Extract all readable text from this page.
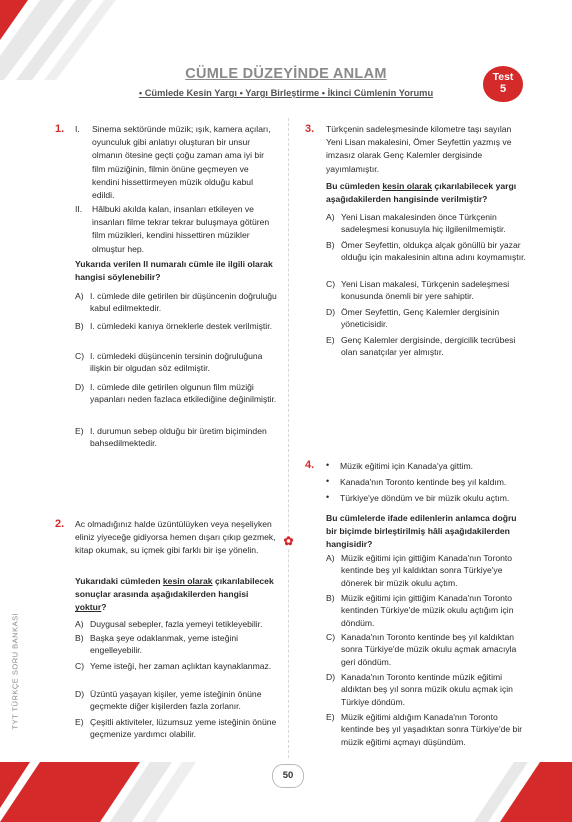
CÜMLE DÜZEYİNDE ANLAM
• Cümlede Kesin Yargı • Yargı Birleştirme • İkinci Cümlenin Yorumu
Test
5
TYT TÜRKÇE SORU BANKASI
✿
1. I. Sinema sektöründe müzik; ışık, kamera açıları, oyunculuk gibi anlatıyı oluşturan bir unsur olmanın ötesine geçti çoğu zaman ama iyi bir film müziğinin, filmin önüne geçmeyen ve kendini hissettirmeyen müzik olduğu kabul edildi.
II. Hâlbuki akılda kalan, insanları etkileyen ve insanları filme tekrar tekrar buluşmaya götüren film müzikleri, kendini hissettiren müzikler olmuştur hep.
Yukarıda verilen II numaralı cümle ile ilgili olarak hangisi söylenebilir?
A) I. cümlede dile getirilen bir düşüncenin doğruluğu kabul edilmektedir.
B) I. cümledeki kanıya örneklerle destek verilmiştir.
C) I. cümledeki düşüncenin tersinin doğruluğuna ilişkin bir olgudan söz edilmiştir.
D) I. cümlede dile getirilen olgunun film müziği yapanları neden fazlaca etkilediğine değinilmiştir.
E) I. durumun sebep olduğu bir üretim biçiminden bahsedilmektedir.
2. Ac olmadığınız halde üzüntülüyken veya neşeliyken eliniz yiyeceğe gidiyorsa hemen dışarı çıkıp gezmek, kitap okumak, su içmek gibi farklı bir işe yönelin.
Yukarıdaki cümleden kesin olarak çıkarılabilecek sonuçlar arasında aşağıdakilerden hangisi yoktur?
A) Duygusal sebepler, fazla yemeyi tetikleyebilir.
B) Başka şeye odaklanmak, yeme isteğini engelleyebilir.
C) Yeme isteği, her zaman açlıktan kaynaklanmaz.
D) Üzüntü yaşayan kişiler, yeme isteğinin önüne geçmekte diğer kişilerden fazla zorlanır.
E) Çeşitli aktiviteler, lüzumsuz yeme isteğinin önüne geçmenize yardımcı olabilir.
3. Türkçenin sadeleşmesinde kilometre taşı sayılan Yeni Lisan makalesini, Ömer Seyfettin yazmış ve imzasız olarak Genç Kalemler dergisinde yayımlamıştır.
Bu cümleden kesin olarak çıkarılabilecek yargı aşağıdakilerden hangisinde verilmiştir?
A) Yeni Lisan makalesinden önce Türkçenin sadeleşmesi konusuyla hiç ilgilenilmemiştir.
B) Ömer Seyfettin, oldukça alçak gönüllü bir yazar olduğu için makalesinin altına adını koymamıştır.
C) Yeni Lisan makalesi, Türkçenin sadeleşmesi konusunda önemli bir yere sahiptir.
D) Ömer Seyfettin, Genç Kalemler dergisinin yöneticisidir.
E) Genç Kalemler dergisinde, dergicilik tecrübesi olan sanatçılar yer almıştır.
4. • Müzik eğitimi için Kanada'ya gittim.
• Kanada'nın Toronto kentinde beş yıl kaldım.
• Türkiye'ye döndüm ve bir müzik okulu açtım.
Bu cümlelerde ifade edilenlerin anlamca doğru bir biçimde birleştirilmiş hâli aşağıdakilerden hangisidir?
A) Müzik eğitimi için gittiğim Kanada'nın Toronto kentinde beş yıl kaldıktan sonra Türkiye'ye dönerek bir müzik okulu açtım.
B) Müzik eğitimi için gittiğim Kanada'nın Toronto kentinden Türkiye'de müzik okulu açtığım için döndüm.
C) Kanada'nın Toronto kentinde beş yıl kaldıktan sonra Türkiye'de müzik okulu açmak amacıyla geri döndüm.
D) Kanada'nın Toronto kentinde müzik eğitimi aldıktan beş yıl sonra müzik okulu açmak için Türkiye döndüm.
E) Müzik eğitimi aldığım Kanada'nın Toronto kentinde beş yıl yaşadıktan sonra Türkiye'de bir müzik eğitimi açmayı düşündüm.
50
